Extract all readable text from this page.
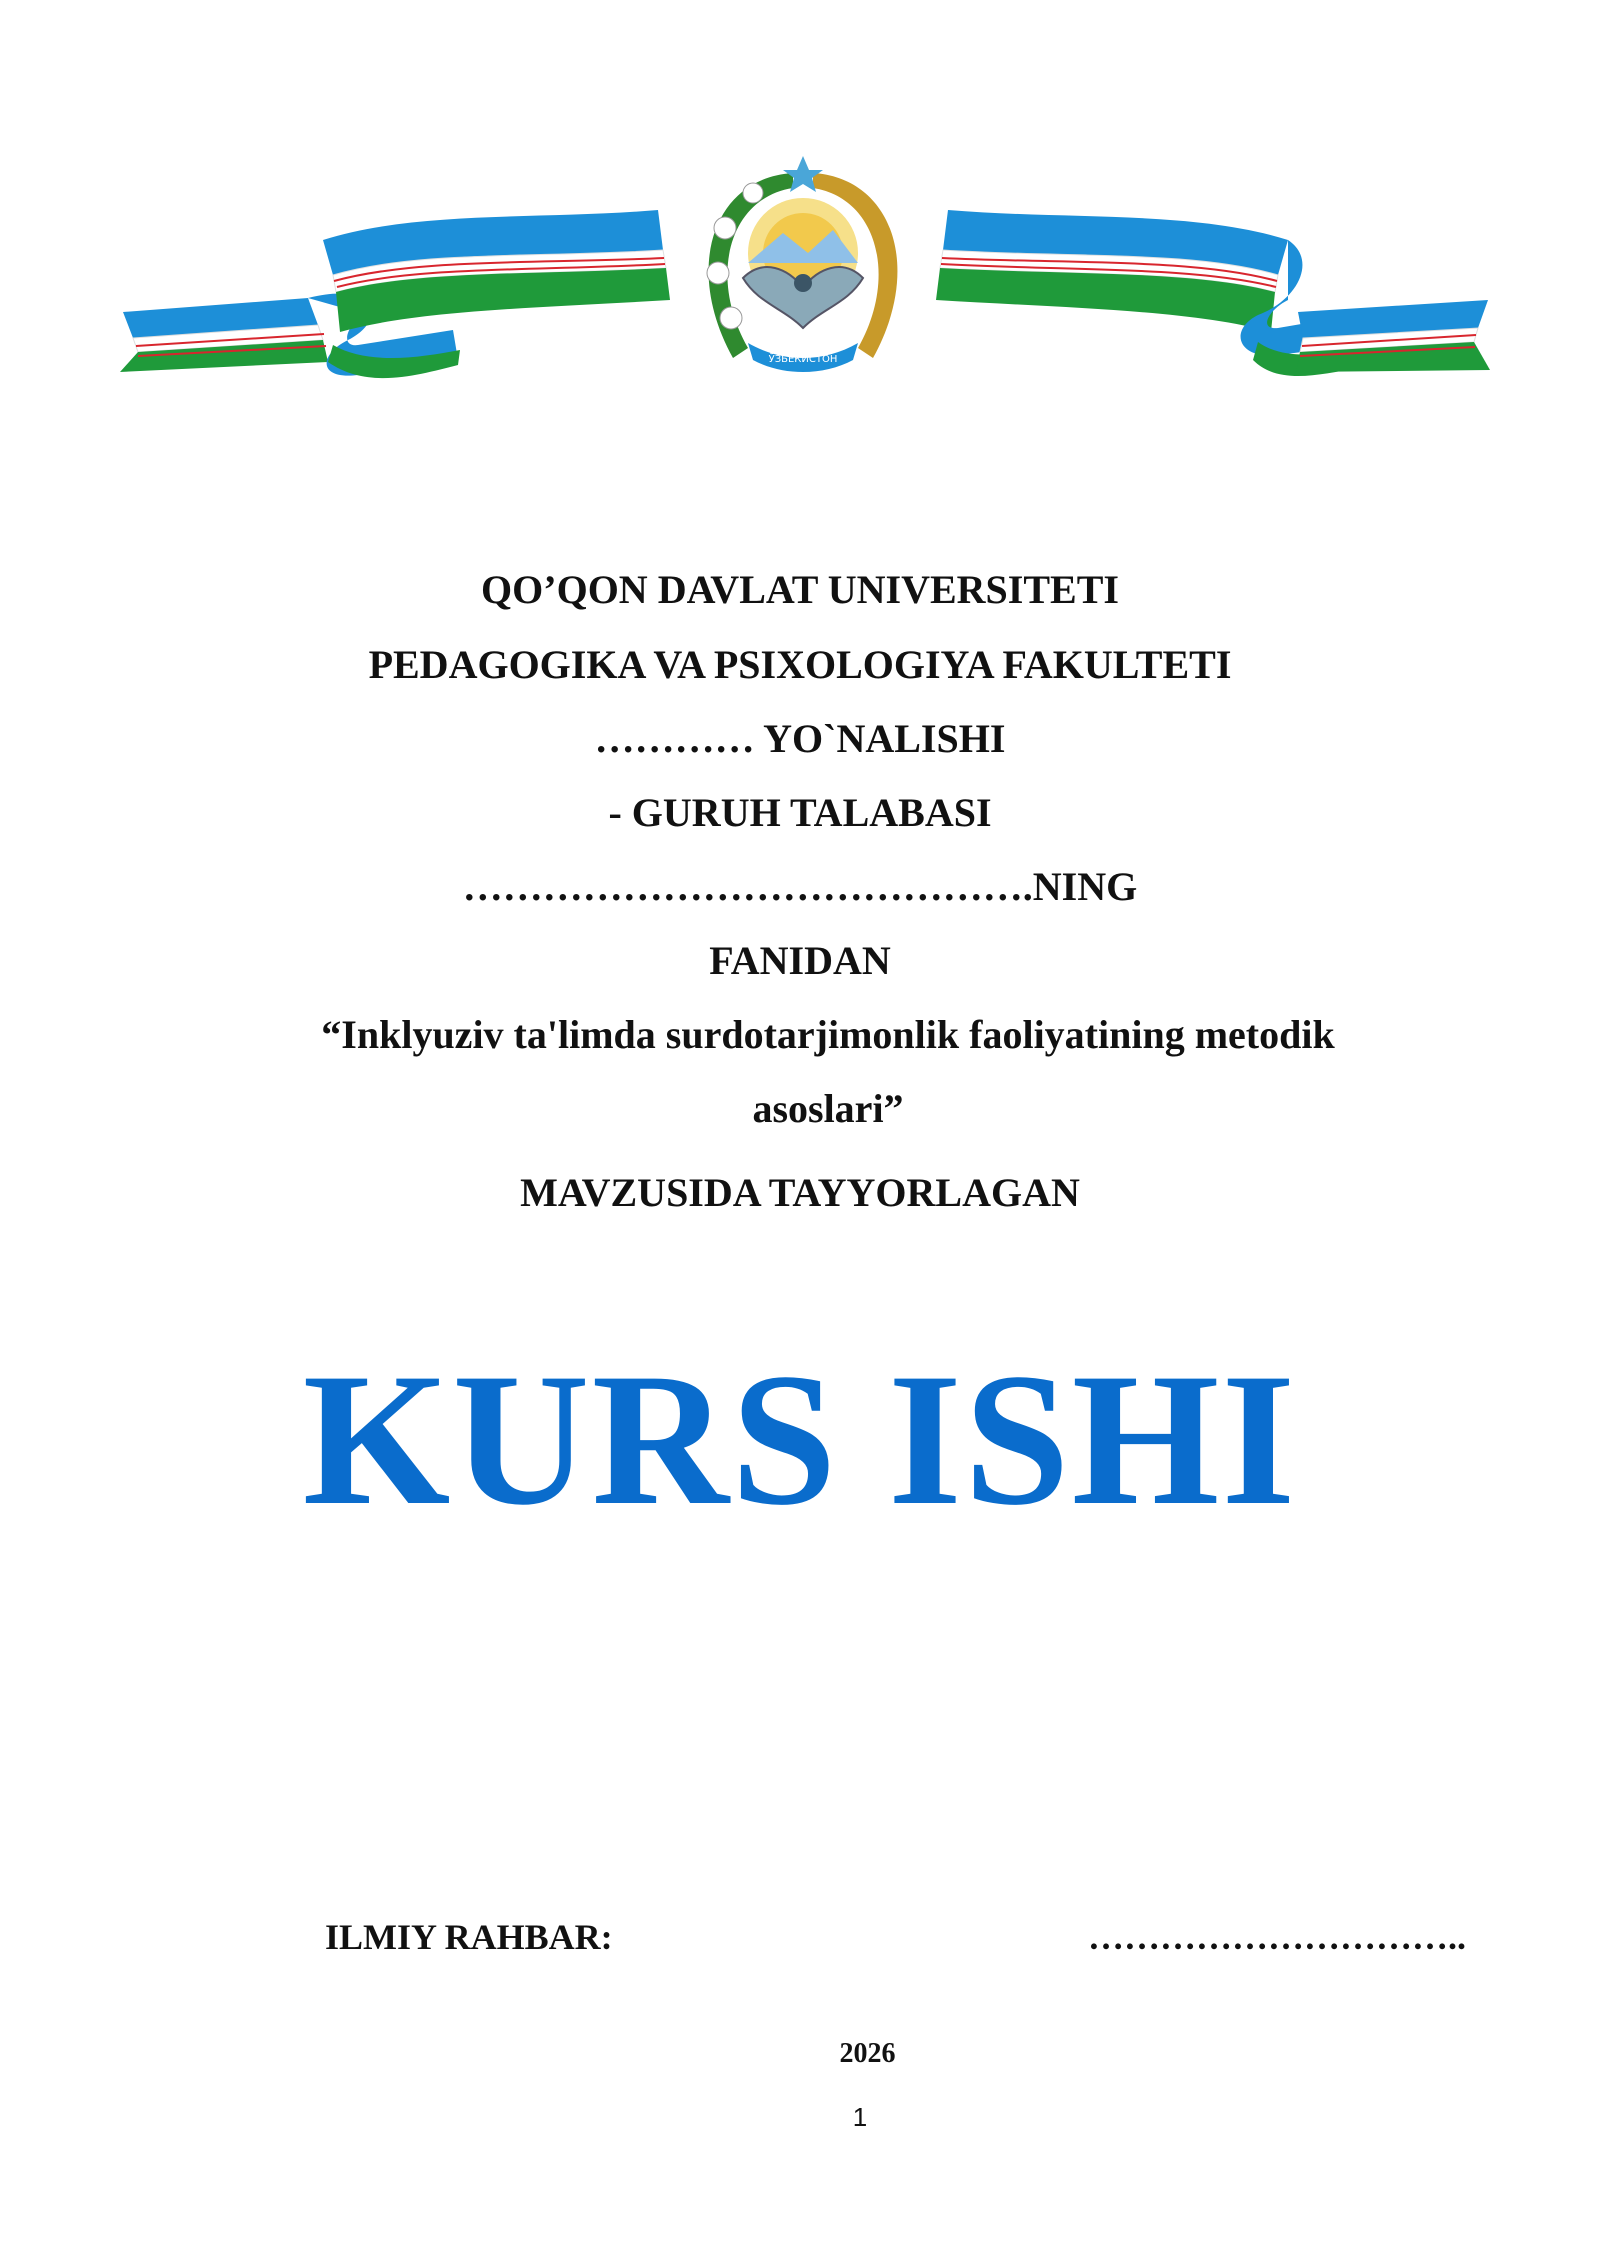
ЎЗБЕКИСТОН
QO’QON DAVLAT UNIVERSITETI
PEDAGOGIKA VA PSIXOLOGIYA FAKULTETI
………… YO`NALISHI
- GURUH TALABASI
…………………………………….NING
FANIDAN
“Inklyuziv ta'limda surdotarjimonlik faoliyatining metodik
asoslari”
MAVZUSIDA TAYYORLAGAN
KURS ISHI
ILMIY RAHBAR:	…………………………..
2026
1
